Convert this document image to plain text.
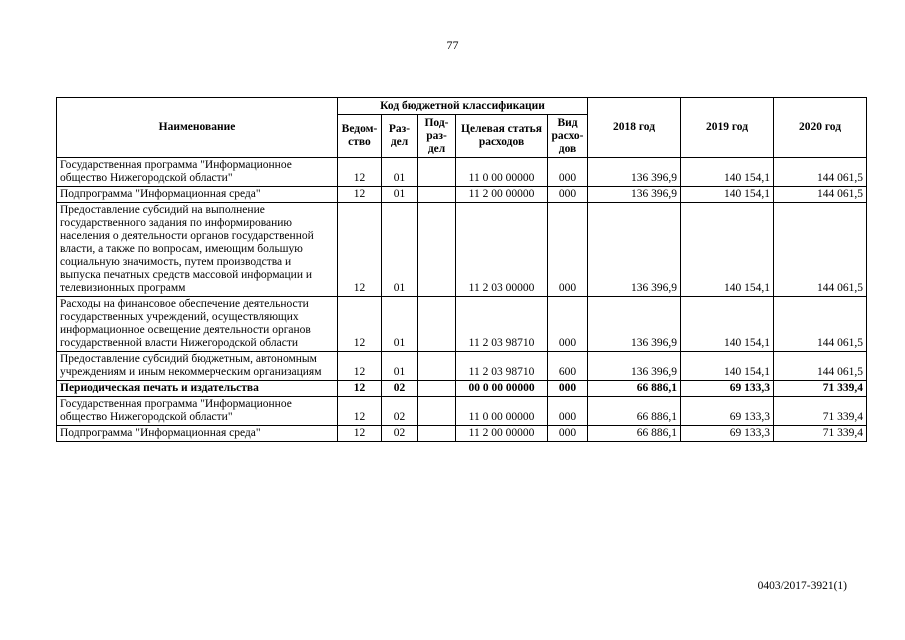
77
Наименование	Код бюджетной классификации					2018 год	2019 год	2020 год
	Ведом-ство	Раз-дел	Под-раз-дел	Целевая статья расходов	Вид расхо-дов			
Государственная программа "Информационное общество Нижегородской области"	12	01		11 0 00 00000	000	136 396,9	140 154,1	144 061,5
Подпрограмма "Информационная среда"	12	01		11 2 00 00000	000	136 396,9	140 154,1	144 061,5
Предоставление субсидий на выполнение государственного задания по информированию населения о деятельности органов государственной власти, а также по вопросам, имеющим большую социальную значимость, путем производства и выпуска печатных средств массовой информации и телевизионных программ	12	01		11 2 03 00000	000	136 396,9	140 154,1	144 061,5
Расходы на финансовое обеспечение деятельности государственных учреждений, осуществляющих информационное освещение деятельности органов государственной власти Нижегородской области	12	01		11 2 03 98710	000	136 396,9	140 154,1	144 061,5
Предоставление субсидий бюджетным, автономным учреждениям и иным некоммерческим организациям	12	01		11 2 03 98710	600	136 396,9	140 154,1	144 061,5
Периодическая печать и издательства	12	02		00 0 00 00000	000	66 886,1	69 133,3	71 339,4
Государственная программа "Информационное общество Нижегородской области"	12	02		11 0 00 00000	000	66 886,1	69 133,3	71 339,4
Подпрограмма "Информационная среда"	12	02		11 2 00 00000	000	66 886,1	69 133,3	71 339,4
0403/2017-3921(1)
